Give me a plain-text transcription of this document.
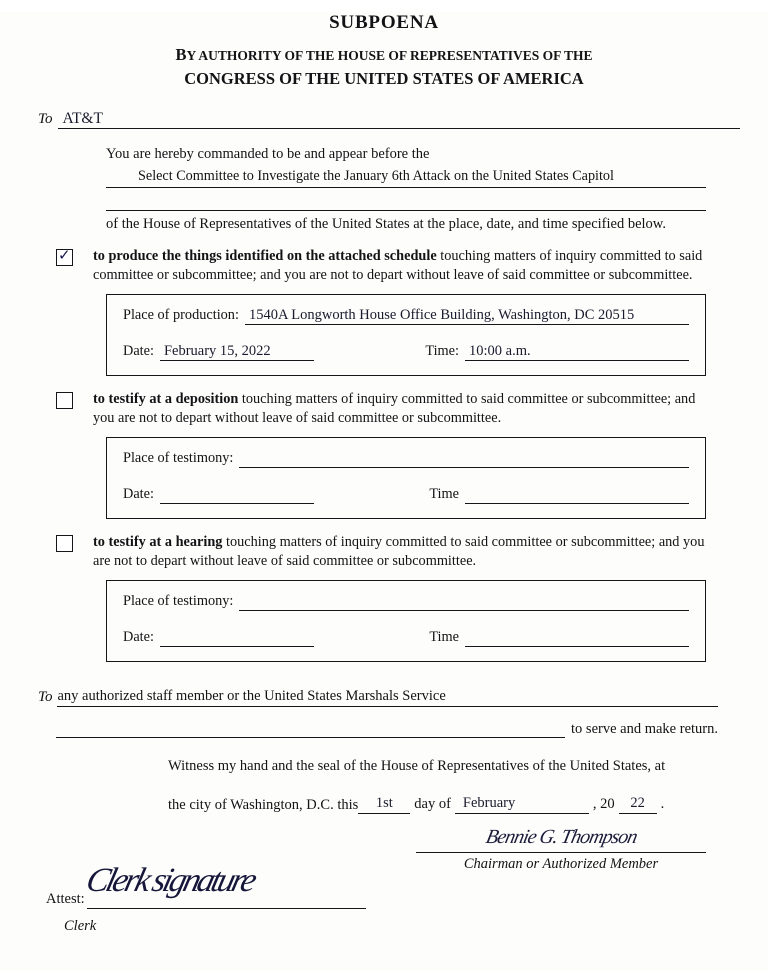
SUBPOENA
BY AUTHORITY OF THE HOUSE OF REPRESENTATIVES OF THE
CONGRESS OF THE UNITED STATES OF AMERICA
To AT&T
You are hereby commanded to be and appear before the
Select Committee to Investigate the January 6th Attack on the United States Capitol
of the House of Representatives of the United States at the place, date, and time specified below.
✓ to produce the things identified on the attached schedule touching matters of inquiry committed to said committee or subcommittee; and you are not to depart without leave of said committee or subcommittee.
Place of production: 1540A Longworth House Office Building, Washington, DC 20515
Date: February 15, 2022	Time: 10:00 a.m.
to testify at a deposition touching matters of inquiry committed to said committee or subcommittee; and you are not to depart without leave of said committee or subcommittee.
Place of testimony:
Date:	Time
to testify at a hearing touching matters of inquiry committed to said committee or subcommittee; and you are not to depart without leave of said committee or subcommittee.
Place of testimony:
Date:	Time
To any authorized staff member or the United States Marshals Service
to serve and make return.
Witness my hand and the seal of the House of Representatives of the United States, at
the city of Washington, D.C. this	1st	day of February	, 20	22	.
Bennie G. Thompson
Chairman or Authorized Member
Attest:
Clerk signature
Clerk
